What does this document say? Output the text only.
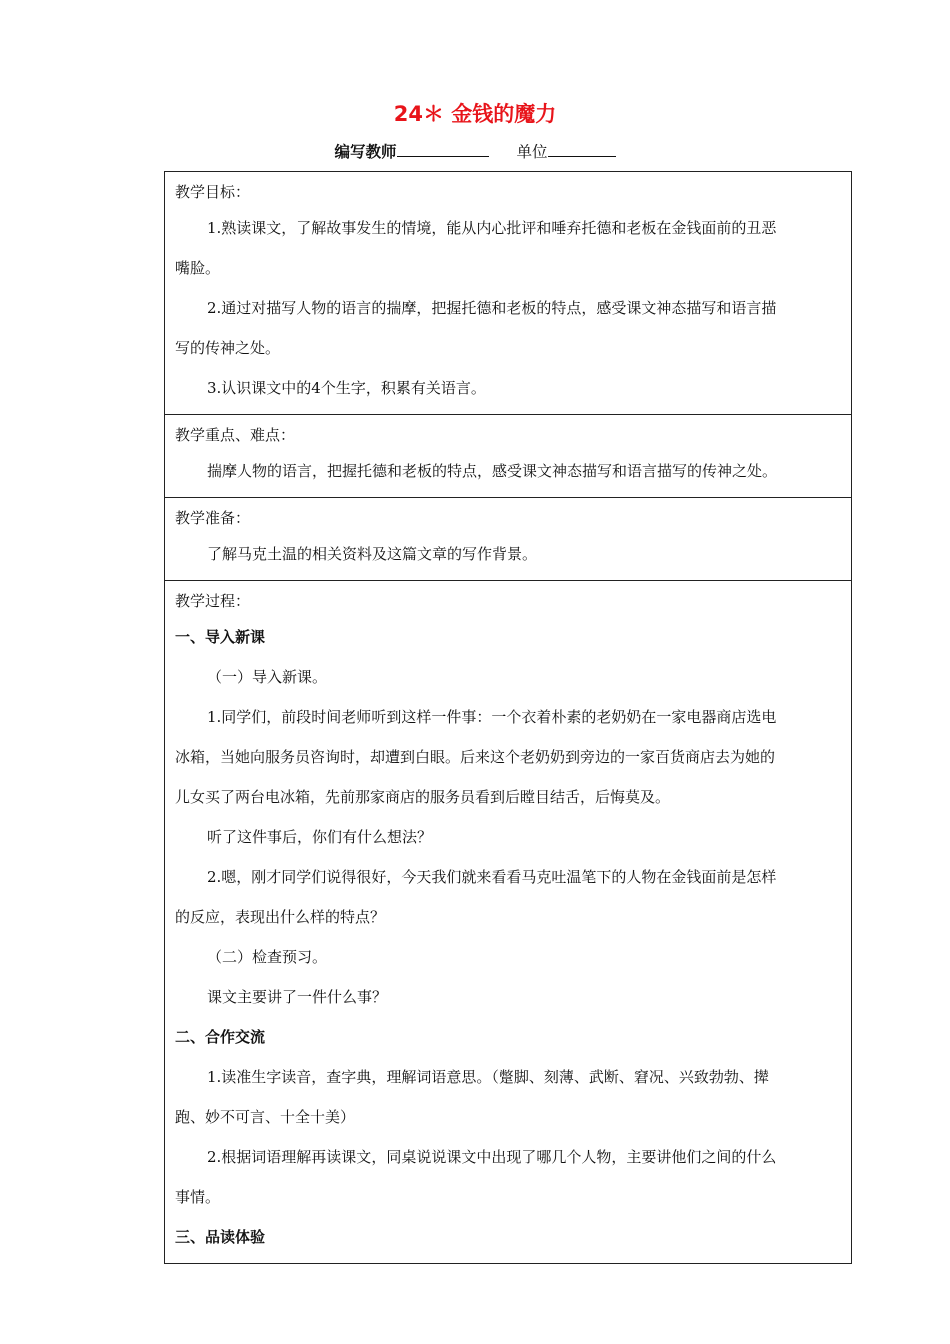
24＊ 金钱的魔力
编写教师	单位
教学目标：
1.熟读课文，了解故事发生的情境，能从内心批评和唾弃托德和老板在金钱面前的丑恶
嘴脸。
2.通过对描写人物的语言的揣摩，把握托德和老板的特点，感受课文神态描写和语言描
写的传神之处。
3.认识课文中的4个生字，积累有关语言。
教学重点、难点：
揣摩人物的语言，把握托德和老板的特点，感受课文神态描写和语言描写的传神之处。
教学准备：
了解马克土温的相关资料及这篇文章的写作背景。
教学过程：
一、导入新课
（一）导入新课。
1.同学们，前段时间老师听到这样一件事：一个衣着朴素的老奶奶在一家电器商店选电
冰箱，当她向服务员咨询时，却遭到白眼。后来这个老奶奶到旁边的一家百货商店去为她的
儿女买了两台电冰箱，先前那家商店的服务员看到后瞠目结舌，后悔莫及。
听了这件事后，你们有什么想法？
2.嗯，刚才同学们说得很好，今天我们就来看看马克吐温笔下的人物在金钱面前是怎样
的反应，表现出什么样的特点？
（二）检查预习。
课文主要讲了一件什么事？
二、合作交流
1.读准生字读音，查字典，理解词语意思。（蹩脚、刻薄、武断、窘况、兴致勃勃、撵
跑、妙不可言、十全十美）
2.根据词语理解再读课文，同桌说说课文中出现了哪几个人物，主要讲他们之间的什么
事情。
三、品读体验
